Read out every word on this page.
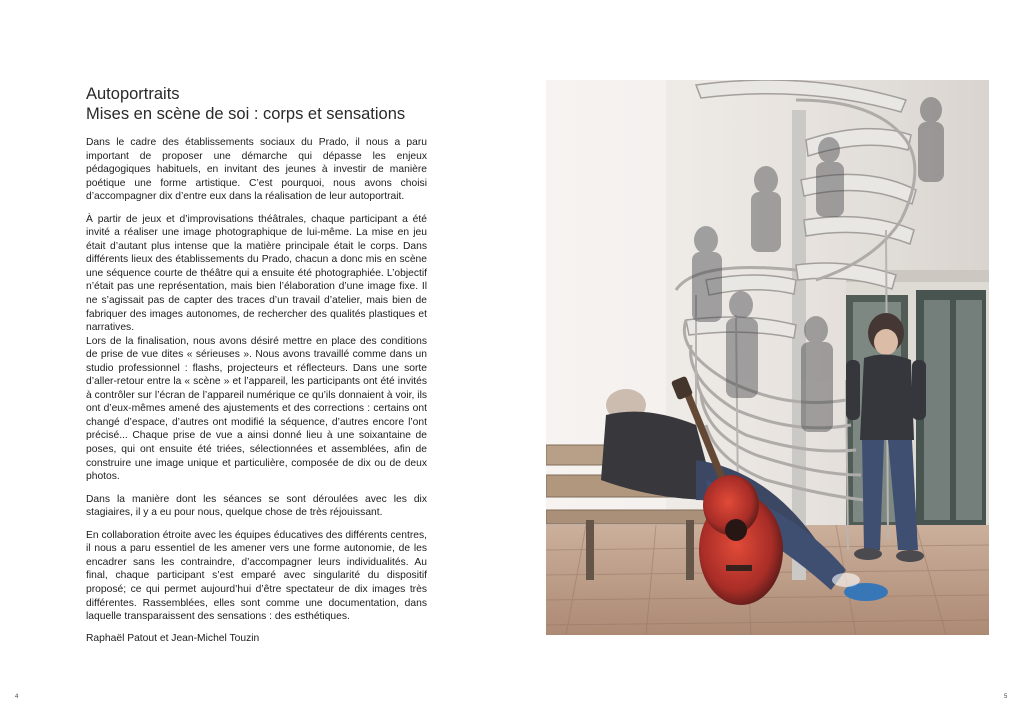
Autoportraits
Mises en scène de soi : corps et sensations

Dans le cadre des établissements sociaux du Prado, il nous a paru important de proposer une démarche qui dépasse les enjeux pédagogiques habituels, en invitant des jeunes à investir de manière poétique une forme artistique. C’est pourquoi, nous avons choisi d’accompagner dix d’entre eux dans la réalisation de leur autoportrait.

À partir de jeux et d’improvisations théâtrales, chaque participant a été invité a réaliser une image photographique de lui-même. La mise en jeu était d’autant plus intense que la matière principale était le corps. Dans différents lieux des établissements du Prado, chacun a donc mis en scène une séquence courte de théâtre qui a ensuite été photographiée. L’objectif n’était pas une représentation, mais bien l’élaboration d’une image fixe. Il ne s’agissait pas de capter des traces d’un travail d’atelier, mais bien de fabriquer des images autonomes, de rechercher des qualités plastiques et narratives.

Lors de la finalisation, nous avons désiré mettre en place des conditions de prise de vue dites « sérieuses ». Nous avons travaillé comme dans un studio professionnel : flashs, projecteurs et réflecteurs. Dans une sorte d’aller-retour entre la « scène » et l’appareil, les participants ont été invités à contrôler sur l’écran de l’appareil numérique ce qu’ils donnaient à voir, ils ont d’eux-mêmes amené des ajustements et des corrections : certains ont changé d’espace, d’autres ont modifié la séquence, d’autres encore l’ont précisé... Chaque prise de vue a ainsi donné lieu à une soixantaine de poses, qui ont ensuite été triées, sélectionnées et assemblées, afin de construire une image unique et particulière, composée de dix ou de deux photos.

Dans la manière dont les séances se sont déroulées avec les dix stagiaires, il y a eu pour nous, quelque chose de très réjouissant.

En collaboration étroite avec les équipes éducatives des différents centres, il nous a paru essentiel de les amener vers une forme autonomie, de les encadrer sans les contraindre, d’accompagner leurs individualités. Au final, chaque participant s’est emparé avec singularité du dispositif proposé; ce qui permet aujourd’hui d’être spectateur de dix images très différentes. Rassemblées, elles sont comme une documentation, dans laquelle transparaissent des sensations : des esthétiques.

Raphaël Patout et Jean-Michel Touzin
4	5
